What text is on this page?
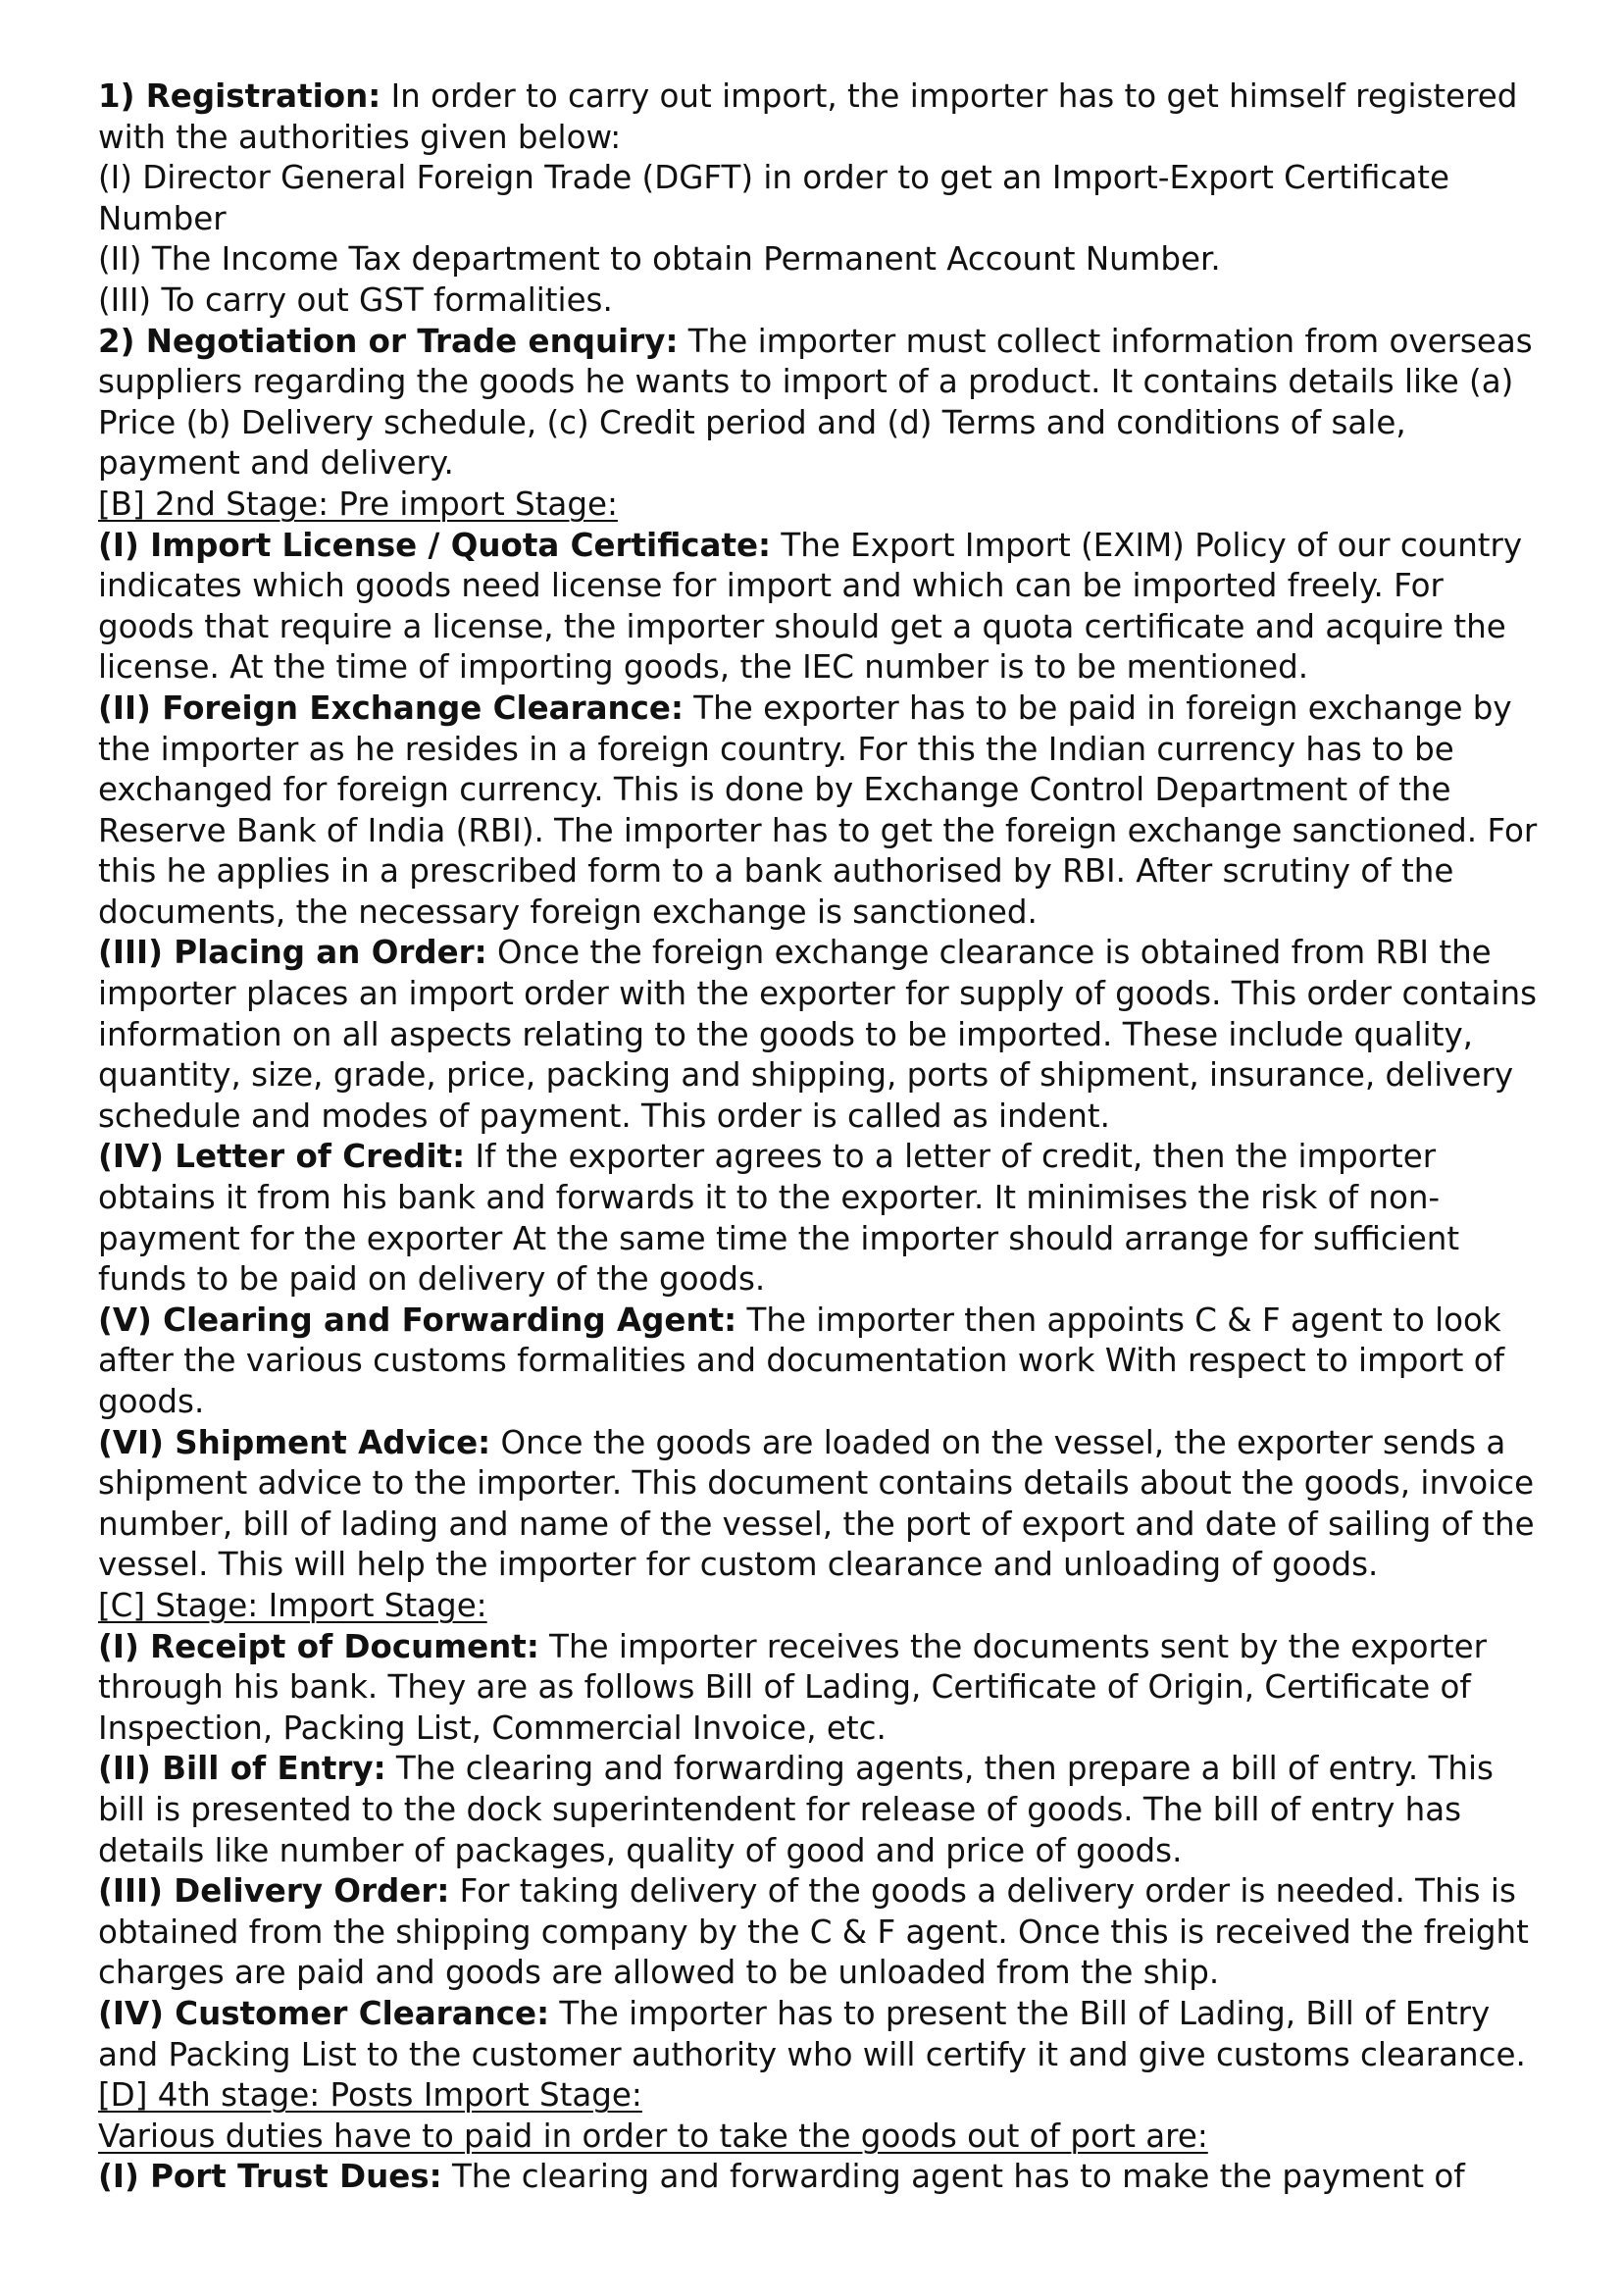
1) Registration: In order to carry out import, the importer has to get himself registered with the authorities given below:

(I) Director General Foreign Trade (DGFT) in order to get an Import-Export Certificate Number

(II) The Income Tax department to obtain Permanent Account Number.

(III) To carry out GST formalities.

2) Negotiation or Trade enquiry: The importer must collect information from overseas suppliers regarding the goods he wants to import of a product. It contains details like (a) Price (b) Delivery schedule, (c) Credit period and (d) Terms and conditions of sale, payment and delivery.

[B] 2nd Stage: Pre import Stage:

(I) Import License / Quota Certificate: The Export Import (EXIM) Policy of our country indicates which goods need license for import and which can be imported freely. For goods that require a license, the importer should get a quota certificate and acquire the license. At the time of importing goods, the IEC number is to be mentioned.

(II) Foreign Exchange Clearance: The exporter has to be paid in foreign exchange by the importer as he resides in a foreign country. For this the Indian currency has to be exchanged for foreign currency. This is done by Exchange Control Department of the Reserve Bank of India (RBI). The importer has to get the foreign exchange sanctioned. For this he applies in a prescribed form to a bank authorised by RBI. After scrutiny of the documents, the necessary foreign exchange is sanctioned.

(III) Placing an Order: Once the foreign exchange clearance is obtained from RBI the importer places an import order with the exporter for supply of goods. This order contains information on all aspects relating to the goods to be imported. These include quality, quantity, size, grade, price, packing and shipping, ports of shipment, insurance, delivery schedule and modes of payment. This order is called as indent.

(IV) Letter of Credit: If the exporter agrees to a letter of credit, then the importer obtains it from his bank and forwards it to the exporter. It minimises the risk of non-payment for the exporter At the same time the importer should arrange for sufficient funds to be paid on delivery of the goods.

(V) Clearing and Forwarding Agent: The importer then appoints C & F agent to look after the various customs formalities and documentation work With respect to import of goods.

(VI) Shipment Advice: Once the goods are loaded on the vessel, the exporter sends a shipment advice to the importer. This document contains details about the goods, invoice number, bill of lading and name of the vessel, the port of export and date of sailing of the vessel. This will help the importer for custom clearance and unloading of goods.

[C] Stage: Import Stage:

(I) Receipt of Document: The importer receives the documents sent by the exporter through his bank. They are as follows Bill of Lading, Certificate of Origin, Certificate of Inspection, Packing List, Commercial Invoice, etc.

(II) Bill of Entry: The clearing and forwarding agents, then prepare a bill of entry. This bill is presented to the dock superintendent for release of goods. The bill of entry has details like number of packages, quality of good and price of goods.

(III) Delivery Order: For taking delivery of the goods a delivery order is needed. This is obtained from the shipping company by the C & F agent. Once this is received the freight charges are paid and goods are allowed to be unloaded from the ship.

(IV) Customer Clearance: The importer has to present the Bill of Lading, Bill of Entry and Packing List to the customer authority who will certify it and give customs clearance.

[D] 4th stage: Posts Import Stage:

Various duties have to paid in order to take the goods out of port are:

(I) Port Trust Dues: The clearing and forwarding agent has to make the payment of
